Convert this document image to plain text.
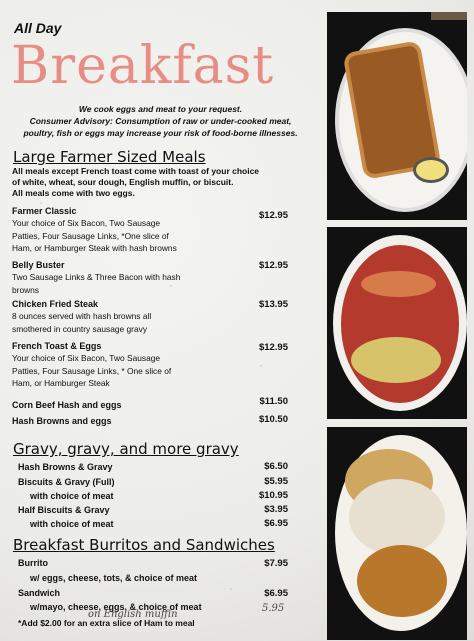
All Day
Breakfast
We cook eggs and meat to your request.
Consumer Advisory: Consumption of raw or under-cooked meat,
poultry, fish or eggs may increase your risk of food-borne illnesses.
Large Farmer Sized Meals
All meals except French toast come with toast of your choice
of white, wheat, sour dough, English muffin, or biscuit.
All meals come with two eggs.
Farmer Classic
Your choice of Six Bacon, Two Sausage
Patties, Four Sausage Links, *One slice of
Ham, or Hamburger Steak with hash browns
$12.95
Belly Buster
Two Sausage Links & Three Bacon with hash
browns
$12.95
Chicken Fried Steak
8 ounces served with hash browns all
smothered in country sausage gravy
$13.95
French Toast & Eggs
Your choice of Six Bacon, Two Sausage
Patties, Four Sausage Links, * One slice of
Ham, or Hamburger Steak
$12.95
Corn Beef Hash and eggs	$11.50
Hash Browns and eggs	$10.50
Gravy, gravy, and more gravy
Hash Browns & Gravy	$6.50
Biscuits & Gravy (Full)	$5.95
with choice of meat	$10.95
Half Biscuits & Gravy	$3.95
with choice of meat	$6.95
Breakfast Burritos and Sandwiches
Burrito	$7.95
w/ eggs, cheese, tots, & choice of meat
Sandwich	$6.95
w/mayo, cheese, eggs, & choice of meat
on English muffin
5.95
*Add $2.00 for an extra slice of Ham to meal
